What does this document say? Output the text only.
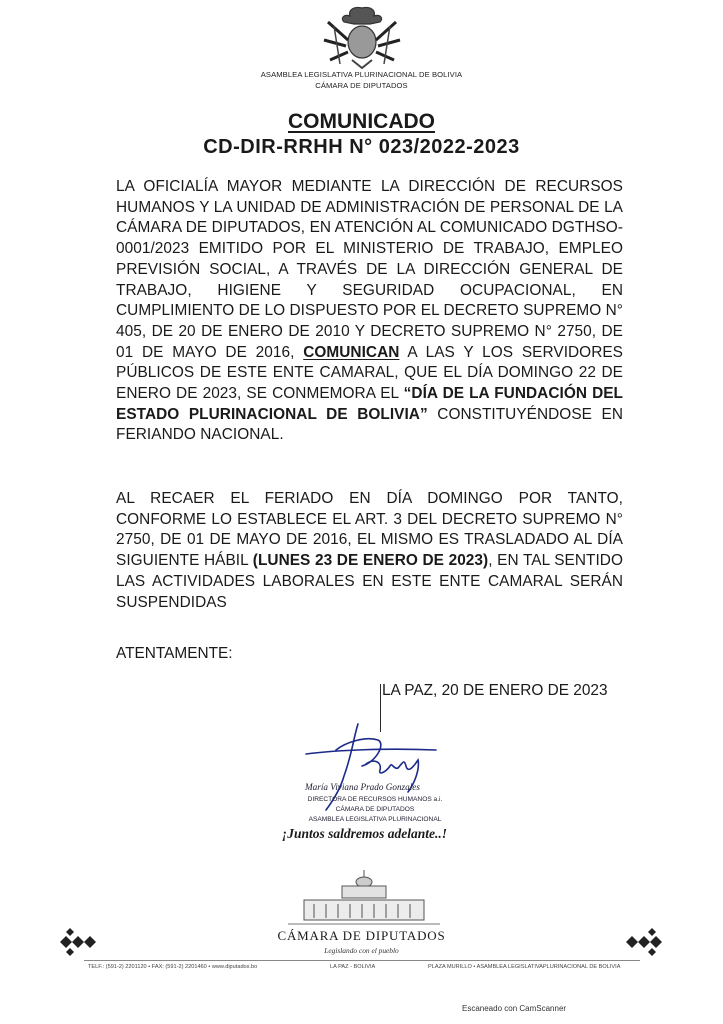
ASAMBLEA LEGISLATIVA PLURINACIONAL DE BOLIVIA
CÁMARA DE DIPUTADOS
COMUNICADO
CD-DIR-RRHH N° 023/2022-2023
LA OFICIALÍA MAYOR MEDIANTE LA DIRECCIÓN DE RECURSOS HUMANOS Y LA UNIDAD DE ADMINISTRACIÓN DE PERSONAL DE LA CÁMARA DE DIPUTADOS, EN ATENCIÓN AL COMUNICADO DGTHSO-0001/2023 EMITIDO POR EL MINISTERIO DE TRABAJO, EMPLEO PREVISIÓN SOCIAL, A TRAVÉS DE LA DIRECCIÓN GENERAL DE TRABAJO, HIGIENE Y SEGURIDAD OCUPACIONAL, EN CUMPLIMIENTO DE LO DISPUESTO POR EL DECRETO SUPREMO N° 405, DE 20 DE ENERO DE 2010 Y DECRETO SUPREMO N° 2750, DE 01 DE MAYO DE 2016, COMUNICAN A LAS Y LOS SERVIDORES PÚBLICOS DE ESTE ENTE CAMARAL, QUE EL DÍA DOMINGO 22 DE ENERO DE 2023, SE CONMEMORA EL “DÍA DE LA FUNDACIÓN DEL ESTADO PLURINACIONAL DE BOLIVIA” CONSTITUYÉNDOSE EN FERIANDO NACIONAL.
AL RECAER EL FERIADO EN DÍA DOMINGO POR TANTO, CONFORME LO ESTABLECE EL ART. 3 DEL DECRETO SUPREMO N° 2750, DE 01 DE MAYO DE 2016, EL MISMO ES TRASLADADO AL DÍA SIGUIENTE HÁBIL (LUNES 23 DE ENERO DE 2023), EN TAL SENTIDO LAS ACTIVIDADES LABORALES EN ESTE ENTE CAMARAL SERÁN SUSPENDIDAS
ATENTAMENTE:
LA PAZ, 20 DE ENERO DE 2023
María Viviana Prado Gonzales
DIRECTORA DE RECURSOS HUMANOS a.i.
CÁMARA DE DIPUTADOS
ASAMBLEA LEGISLATIVA PLURINACIONAL
¡Juntos saldremos adelante..!
CÁMARA DE DIPUTADOS
Legislando con el pueblo
TELF.: (591-2) 2201120 • FAX: (591-2) 2201460 • www.diputados.bo	LA PAZ - BOLIVIA	PLAZA MURILLO • ASAMBLEA LEGISLATIVAPLURINACIONAL DE BOLIVIA
Escaneado con CamScanner
